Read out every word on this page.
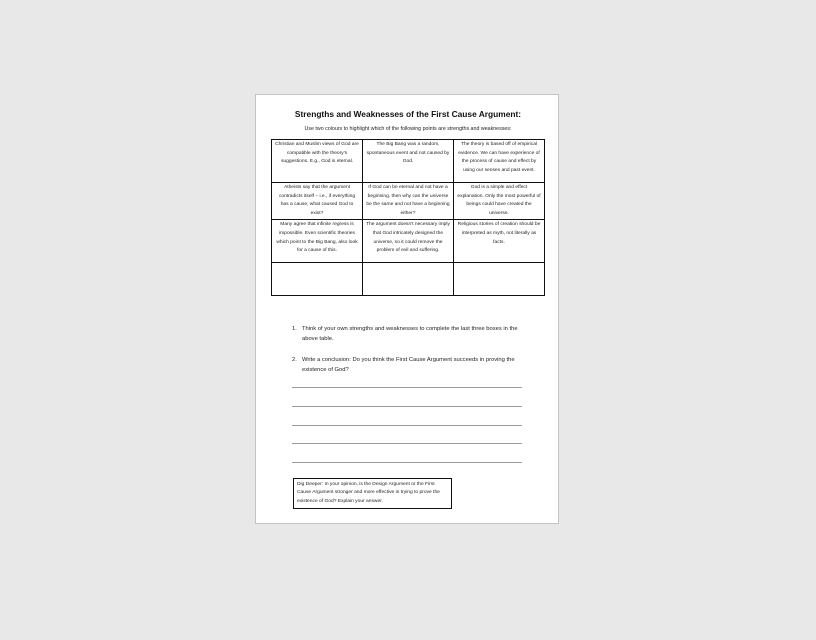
Strengths and Weaknesses of the First Cause Argument:
Use two colours to highlight which of the following points are strengths and weaknesses:
Christian and Muslim views of God are compatible with the theory's suggestions. E.g., God is eternal.	The Big Bang was a random, spontaneous event and not caused by God.	The theory is based off of empirical evidence. We can have experience of the process of cause and effect by using our senses and past event.
Atheists say that the argument contradicts itself – i.e., if everything has a cause, what caused God to exist?	If God can be eternal and not have a beginning, then why can the universe be the same and not have a beginning either?	God is a simple and effect explanation. Only the most powerful of beings could have created the universe.
Many agree that infinite regress is impossible. Even scientific theories which point to the Big Bang, also look for a cause of this.	The argument doesn't necessary imply that God intricately designed the universe, so it could remove the problem of evil and suffering.	Religious stories of creation should be interpreted as myth, not literally as facts.

1. Think of your own strengths and weaknesses to complete the last three boxes in the above table.
2. Write a conclusion: Do you think the First Cause Argument succeeds in proving the existence of God?
Dig Deeper: In your opinion, is the Design Argument or the First Cause Argument stronger and more effective in trying to prove the existence of God? Explain your answer.
